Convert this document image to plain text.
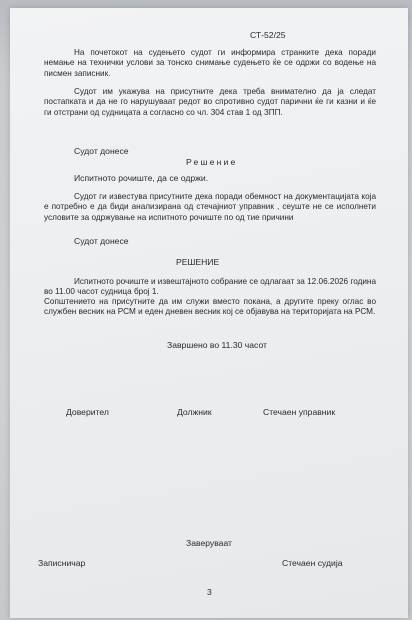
СТ-52/25
На почетокот на судењето судот ги информира странките дека поради немање на технички услови за тонско снимање судењето ќе се одржи со водење на писмен записник.
Судот им укажува на присутните дека треба внимателно да ја следат постапката и да не го нарушуваат редот во спротивно судот парични ќе ги казни и ќе ги отстрани од судницата а согласно со чл. 304 став 1 од ЗПП.
Судот донесе
Решение
Испитното рочиште, да се одржи.
Судот ги известува присутните дека поради обемност на документацијата која е потребно е да биди анализирана од стечајниот управник , сеуште не се исполнети условите за одржување на испитното рочиште по од тие причини
Судот донесе
РЕШЕНИЕ
Испитното рочиште и извештајното собрание се одлагаат за 12.06.2026 година во 11.00 часот судница број 1.
Сопштението на присутните да им служи вместо покана, а другите преку оглас во службен весник на РСМ и еден дневен весник кој се објавува на територијата на РСМ.
Завршено во 11.30 часот
Доверител	Должник	Стечаен управник
Заверуваат
Записничар	Стечаен судија
3
